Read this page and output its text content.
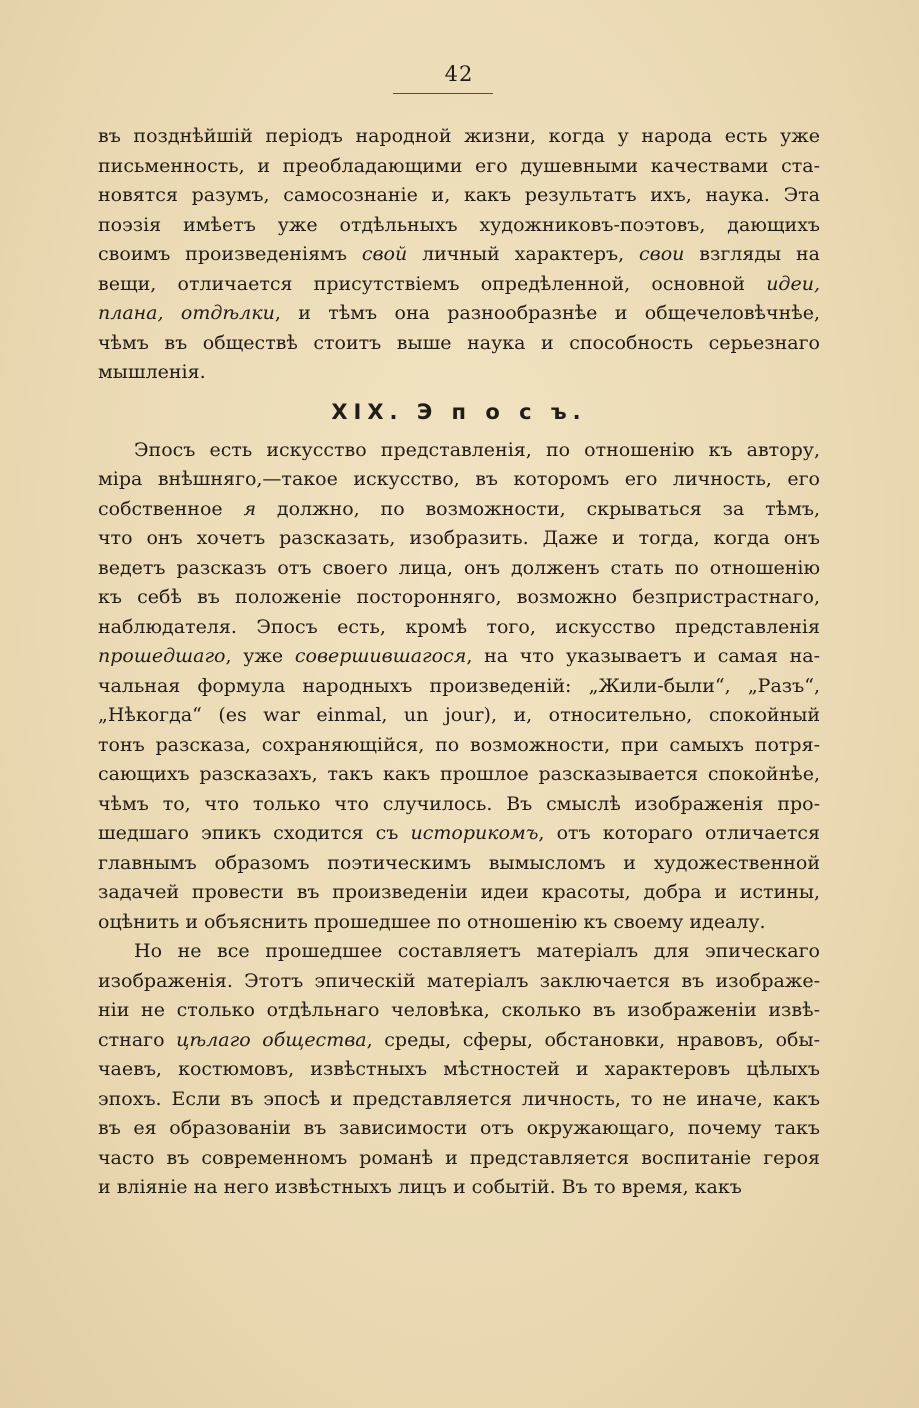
42
въ позднѣйшій періодъ народной жизни, когда у народа есть уже
письменность, и преобладающими его душевными качествами ста-
новятся разумъ, самосознаніе и, какъ результатъ ихъ, наука. Эта
поэзія имѣетъ уже отдѣльныхъ художниковъ-поэтовъ, дающихъ
своимъ произведеніямъ свой личный характеръ, свои взгляды на
вещи, отличается присутствіемъ опредѣленной, основной идеи,
плана, отдѣлки, и тѣмъ она разнообразнѣе и общечеловѣчнѣе,
чѣмъ въ обществѣ стоитъ выше наука и способность серьезнаго
мышленія.
XIX. Э п о с ъ.
Эпосъ есть искусство представленія, по отношенію къ автору,
міра внѣшняго,—такое искусство, въ которомъ его личность, его
собственное я должно, по возможности, скрываться за тѣмъ,
что онъ хочетъ разсказать, изобразить. Даже и тогда, когда онъ
ведетъ разсказъ отъ своего лица, онъ долженъ стать по отношенію
къ себѣ въ положеніе посторонняго, возможно безпристрастнаго,
наблюдателя. Эпосъ есть, кромѣ того, искусство представленія
прошедшаго, уже совершившагося, на что указываетъ и самая на-
чальная формула народныхъ произведеній: „Жили-были“, „Разъ“,
„Нѣкогда“ (es war einmal, un jour), и, относительно, спокойный
тонъ разсказа, сохраняющійся, по возможности, при самыхъ потря-
сающихъ разсказахъ, такъ какъ прошлое разсказывается спокойнѣе,
чѣмъ то, что только что случилось. Въ смыслѣ изображенія про-
шедшаго эпикъ сходится съ историкомъ, отъ котораго отличается
главнымъ образомъ поэтическимъ вымысломъ и художественной
задачей провести въ произведеніи идеи красоты, добра и истины,
оцѣнить и объяснить прошедшее по отношенію къ своему идеалу.
Но не все прошедшее составляетъ матеріалъ для эпическаго
изображенія. Этотъ эпическій матеріалъ заключается въ изображе-
ніи не столько отдѣльнаго человѣка, сколько въ изображеніи извѣ-
стнаго цѣлаго общества, среды, сферы, обстановки, нравовъ, обы-
чаевъ, костюмовъ, извѣстныхъ мѣстностей и характеровъ цѣлыхъ
эпохъ. Если въ эпосѣ и представляется личность, то не иначе, какъ
въ ея образованіи въ зависимости отъ окружающаго, почему такъ
часто въ современномъ романѣ и представляется воспитаніе героя
и вліяніе на него извѣстныхъ лицъ и событій. Въ то время, какъ
